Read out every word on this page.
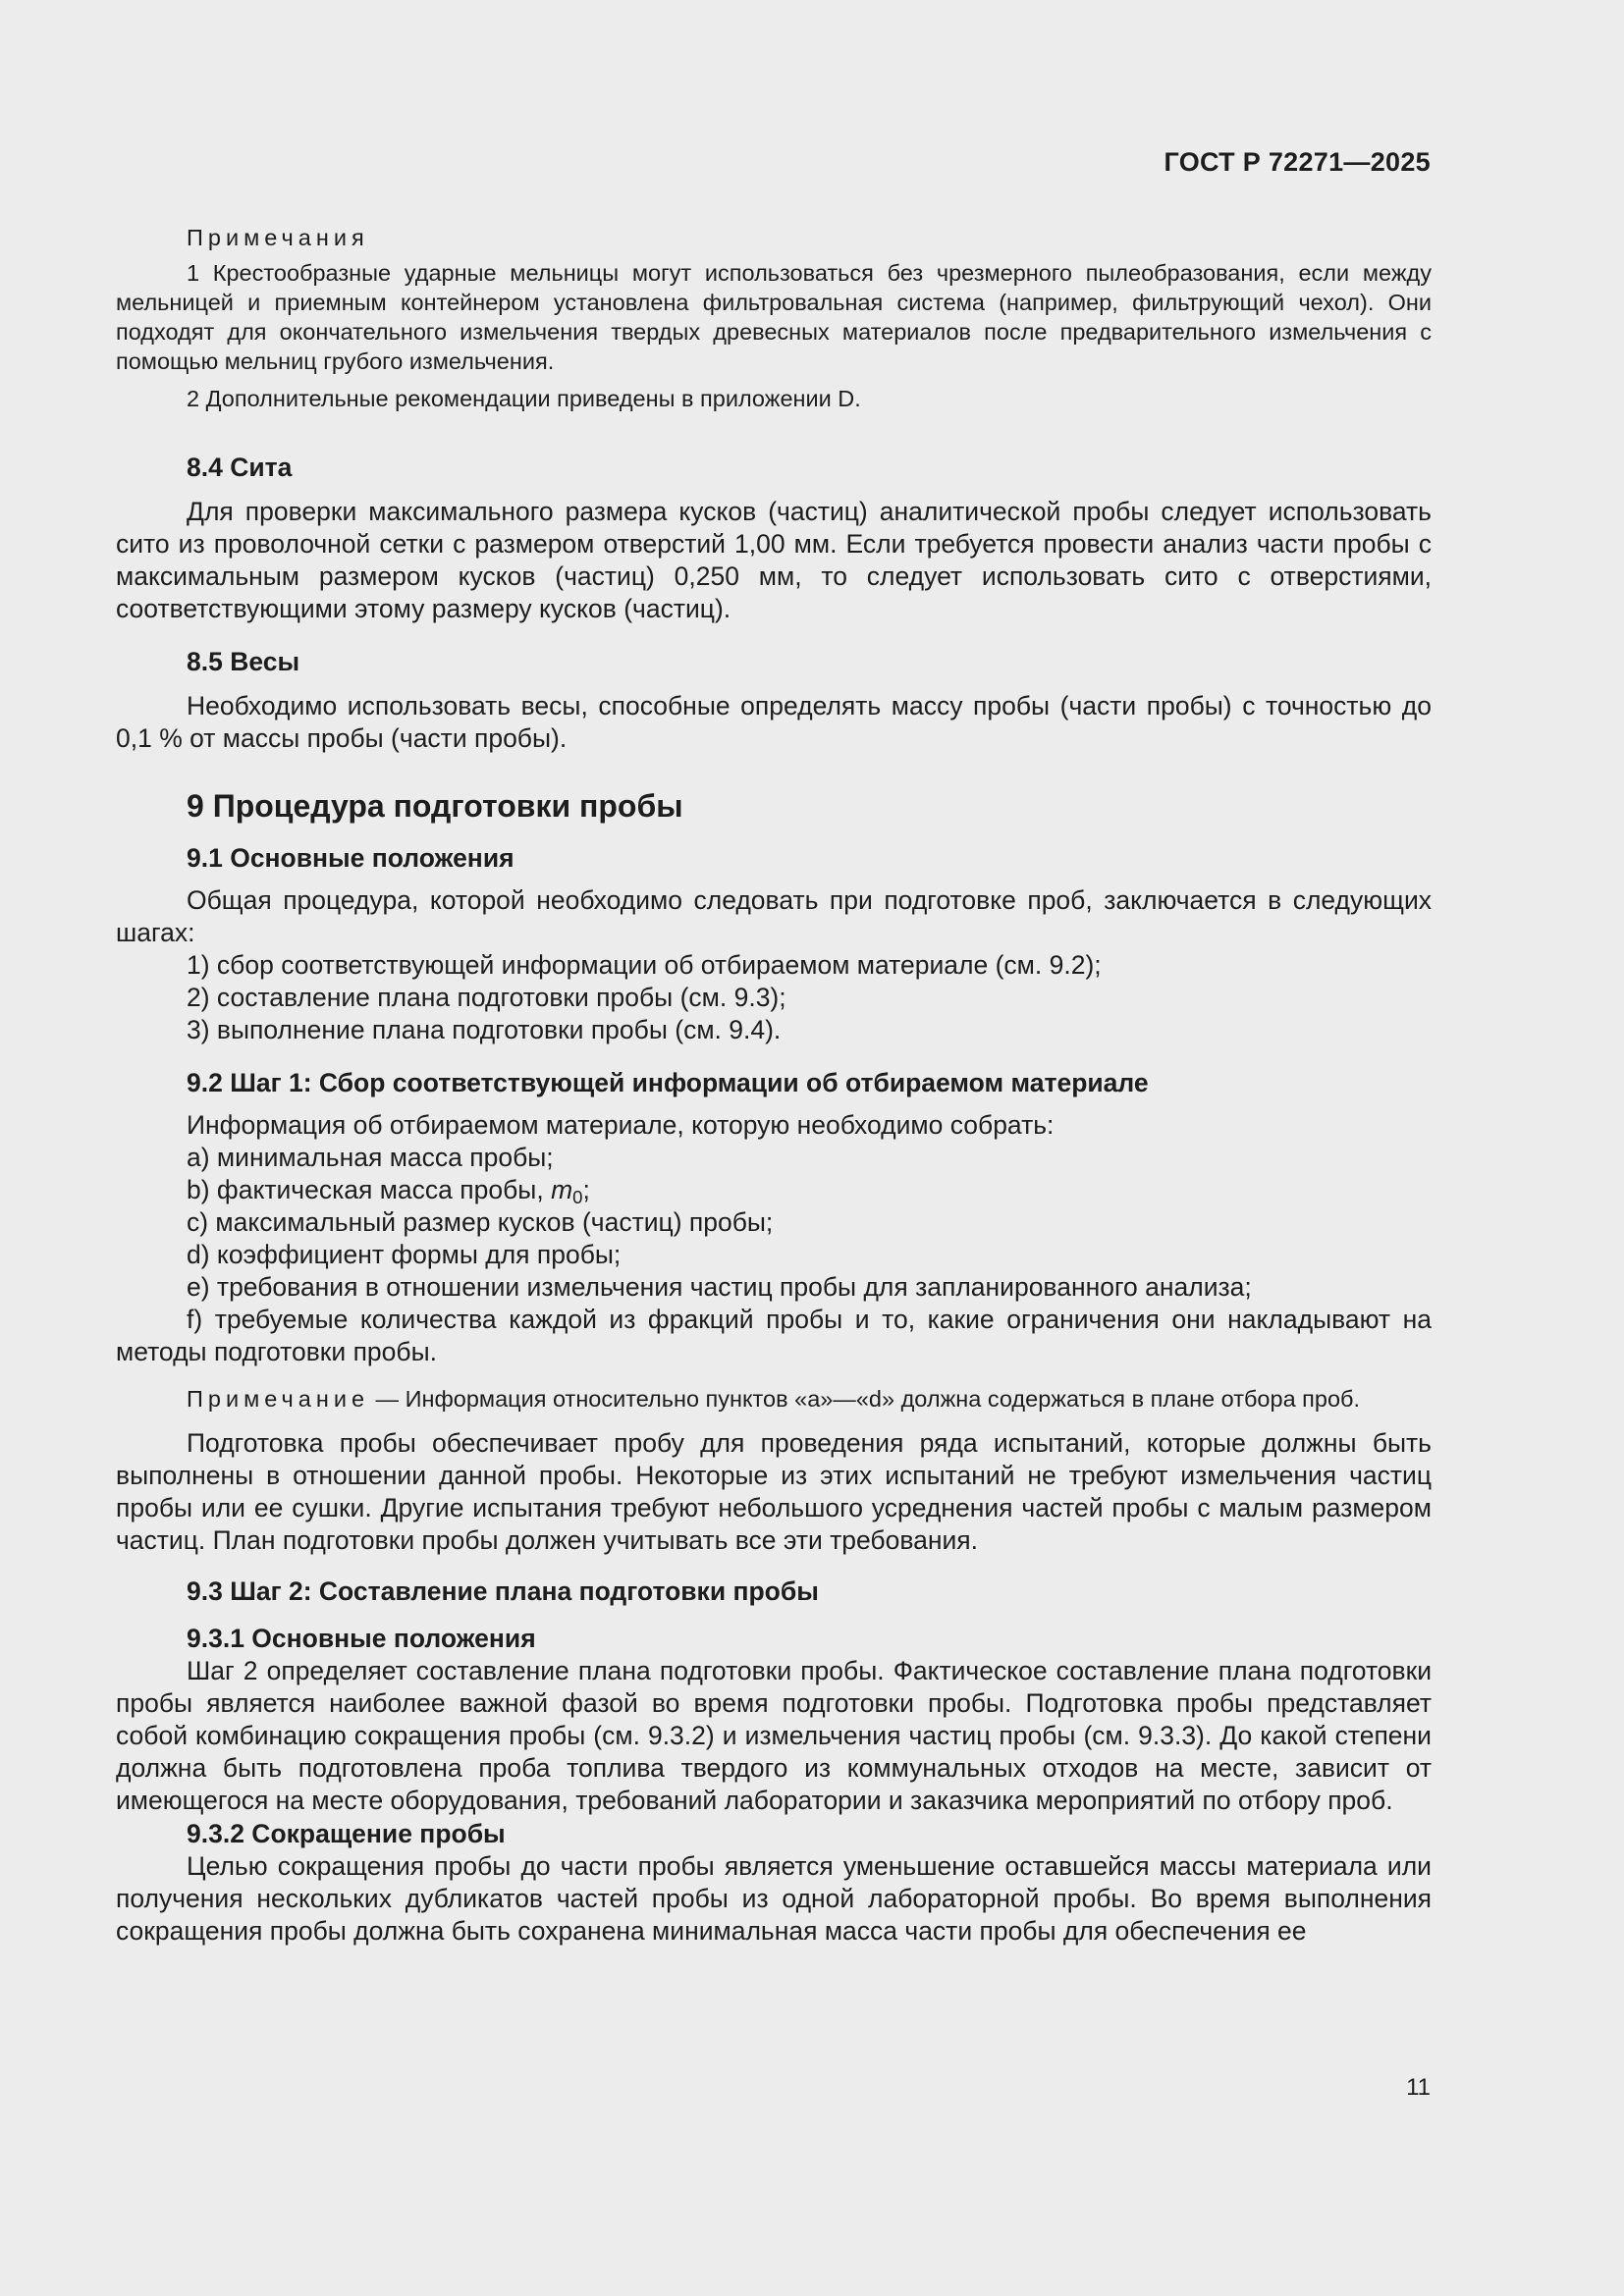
ГОСТ Р 72271—2025

Примечания

1 Крестообразные ударные мельницы могут использоваться без чрезмерного пылеобразования, если между мельницей и приемным контейнером установлена фильтровальная система (например, фильтрующий чехол). Они подходят для окончательного измельчения твердых древесных материалов после предварительного измельчения с помощью мельниц грубого измельчения.

2 Дополнительные рекомендации приведены в приложении D.

8.4 Сита

Для проверки максимального размера кусков (частиц) аналитической пробы следует использовать сито из проволочной сетки с размером отверстий 1,00 мм. Если требуется провести анализ части пробы с максимальным размером кусков (частиц) 0,250 мм, то следует использовать сито с отверстиями, соответствующими этому размеру кусков (частиц).

8.5 Весы

Необходимо использовать весы, способные определять массу пробы (части пробы) с точностью до 0,1 % от массы пробы (части пробы).

9 Процедура подготовки пробы
9.1 Основные положения

Общая процедура, которой необходимо следовать при подготовке проб, заключается в следующих шагах:

1) сбор соответствующей информации об отбираемом материале (см. 9.2);
2) составление плана подготовки пробы (см. 9.3);
3) выполнение плана подготовки пробы (см. 9.4).
9.2 Шаг 1: Сбор соответствующей информации об отбираемом материале

Информация об отбираемом материале, которую необходимо собрать:

а) минимальная масса пробы;
b) фактическая масса пробы, $m_0$;
с) максимальный размер кусков (частиц) пробы;
d) коэффициент формы для пробы;
е) требования в отношении измельчения частиц пробы для запланированного анализа;

f) требуемые количества каждой из фракций пробы и то, какие ограничения они накладывают на методы подготовки пробы.

Примечание — Информация относительно пунктов «а»—«d» должна содержаться в плане отбора проб.

Подготовка пробы обеспечивает пробу для проведения ряда испытаний, которые должны быть выполнены в отношении данной пробы. Некоторые из этих испытаний не требуют измельчения частиц пробы или ее сушки. Другие испытания требуют небольшого усреднения частей пробы с малым размером частиц. План подготовки пробы должен учитывать все эти требования.

9.3 Шаг 2: Составление плана подготовки пробы
9.3.1 Основные положения

Шаг 2 определяет составление плана подготовки пробы. Фактическое составление плана подготовки пробы является наиболее важной фазой во время подготовки пробы. Подготовка пробы представляет собой комбинацию сокращения пробы (см. 9.3.2) и измельчения частиц пробы (см. 9.3.3). До какой степени должна быть подготовлена проба топлива твердого из коммунальных отходов на месте, зависит от имеющегося на месте оборудования, требований лаборатории и заказчика мероприятий по отбору проб.

9.3.2 Сокращение пробы

Целью сокращения пробы до части пробы является уменьшение оставшейся массы материала или получения нескольких дубликатов частей пробы из одной лабораторной пробы. Во время выполнения сокращения пробы должна быть сохранена минимальная масса части пробы для обеспечения ее

11
